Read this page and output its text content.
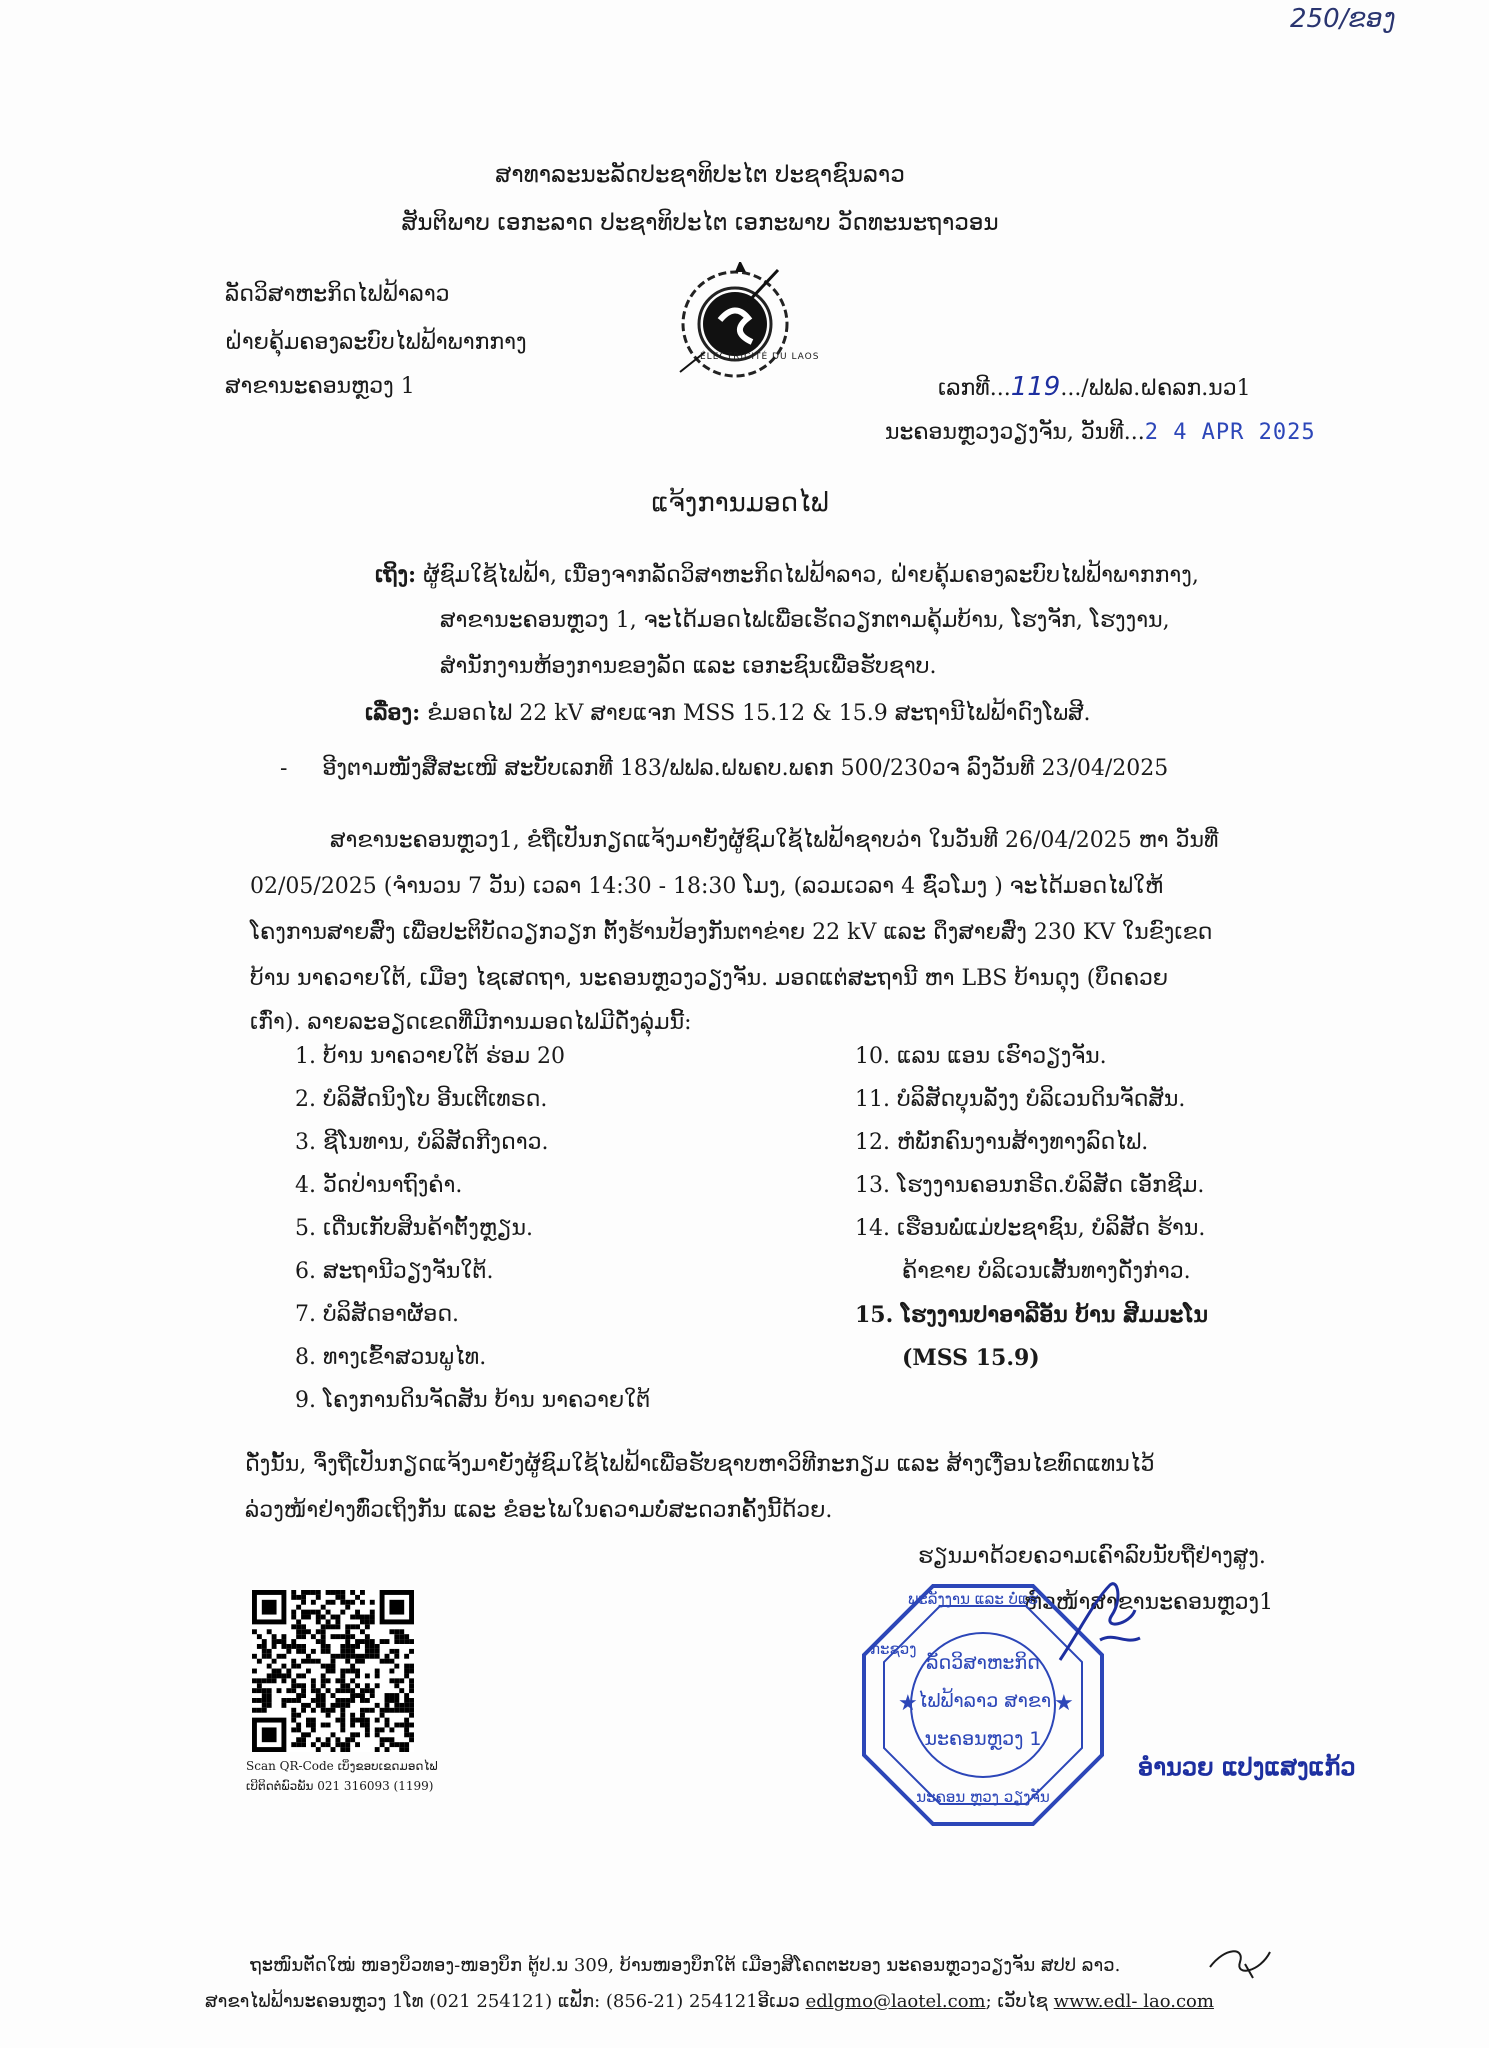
250/ຂອງ
ສາທາລະນະລັດປະຊາທິປະໄຕ ປະຊາຊົນລາວ
ສັນຕິພາບ ເອກະລາດ ປະຊາທິປະໄຕ ເອກະພາບ ວັດທະນະຖາວອນ
ລັດວິສາຫະກິດໄຟຟ້າລາວ
ຝ່າຍຄຸ້ມຄອງລະບົບໄຟຟ້າພາກກາງ
ສາຂານະຄອນຫຼວງ 1
ÉLECTRICITÉ DU LAOS
ເລກທີ...119.../ຟຟລ.ຝຄລກ.ນວ1
ນະຄອນຫຼວງວຽງຈັນ, ວັນທີ...2 4 APR 2025
ແຈ້ງການມອດໄຟ
ເຖິງ: ຜູ້ຊົມໃຊ້ໄຟຟ້າ, ເນື່ອງຈາກລັດວິສາຫະກິດໄຟຟ້າລາວ, ຝ່າຍຄຸ້ມຄອງລະບົບໄຟຟ້າພາກກາງ,
ສາຂານະຄອນຫຼວງ 1, ຈະໄດ້ມອດໄຟເພື່ອເຮັດວຽກຕາມຄຸ້ມບ້ານ, ໂຮງຈັກ, ໂຮງງານ,
ສໍານັກງານຫ້ອງການຂອງລັດ ແລະ ເອກະຊົນເພື່ອຮັບຊາບ.
ເລື່ອງ: ຂໍມອດໄຟ 22 kV ສາຍແຈກ MSS 15.12 & 15.9 ສະຖານີໄຟຟ້າດົງໂພສີ.
- ອີງຕາມໜັງສືສະເໜີ ສະບັບເລກທີ 183/ຟຟລ.ຝພຄບ.ພຄກ 500/230ວຈ ລົງວັນທີ 23/04/2025
ສາຂານະຄອນຫຼວງ1, ຂໍຖືເປັນກຽດແຈ້ງມາຍັງຜູ້ຊົມໃຊ້ໄຟຟ້າຊາບວ່າ ໃນວັນທີ 26/04/2025 ຫາ ວັນທີ່
02/05/2025 (ຈໍານວນ 7 ວັນ) ເວລາ 14:30 - 18:30 ໂມງ, (ລວມເວລາ 4 ຊົ່ວໂມງ ) ຈະໄດ້ມອດໄຟໃຫ້
ໂຄງການສາຍສົ່ງ ເພື່ອປະຕິບັດວຽກວຽກ ຕັ້ງຮ້ານປ້ອງກັນຕາຂ່າຍ 22 kV ແລະ ດຶງສາຍສົ່ງ 230 KV ໃນຂົງເຂດ
ບ້ານ ນາຄວາຍໃຕ້, ເມືອງ ໄຊເສດຖາ, ນະຄອນຫຼວງວຽງຈັນ. ມອດແຕ່ສະຖານີ ຫາ LBS ບ້ານດຸງ (ບຶດຄວຍ
ເກົ່າ). ລາຍລະອຽດເຂດທີ່ມີການມອດໄຟມີດັ່ງລຸ່ມນີ້:
1. ບ້ານ ນາຄວາຍໃຕ້ ຮ່ອມ 20
2. ບໍລິສັດນິງໂບ ອີນເຕີເທຣດ.
3. ຊີໂນທານ, ບໍລິສັດກີງດາວ.
4. ວັດປ່ານາຖົງຄໍາ.
5. ເດີ່ນເກັບສິນຄ້າຕັ້ງຫຼຽນ.
6. ສະຖານີວຽງຈັນໃຕ້.
7. ບໍລິສັດອາຜັອດ.
8. ທາງເຂົ້າສວນພູໄທ.
9. ໂຄງການດິນຈັດສັນ ບ້ານ ນາຄວາຍໃຕ້
10. ແລນ ແອນ ເຮົາວຽງຈັນ.
11. ບໍລິສັດບຸນລັງງ ບໍລິເວນດິນຈັດສັນ.
12. ຫໍພັກຄົນງານສ້າງທາງລົດໄຟ.
13. ໂຮງງານຄອນກຣີດ.ບໍລິສັດ ເອັກຊີມ.
14. ເຮືອນພໍ່ແມ່ປະຊາຊົນ, ບໍລິສັດ ຮ້ານ.
ຄ້າຂາຍ ບໍລິເວນເສັ້ນທາງດັ່ງກ່າວ.
15. ໂຮງງານປາອາລີອັນ ບ້ານ ສີມມະໂນ
(MSS 15.9)
ດັ່ງນັ້ນ, ຈຶ່ງຖືເປັນກຽດແຈ້ງມາຍັງຜູ້ຊົມໃຊ້ໄຟຟ້າເພື່ອຮັບຊາບຫາວິທີກະກຽມ ແລະ ສ້າງເງື່ອນໄຂທົດແທນໄວ້
ລ່ວງໜ້າຢ່າງທົ່ວເຖິງກັນ ແລະ ຂໍອະໄພໃນຄວາມບໍ່ສະດວກຄັ້ງນີ້ດ້ວຍ.
ຮຽນມາດ້ວຍຄວາມເຄົາລົບນັບຖືຢ່າງສູງ.
ຫົວໜ້າສາຂານະຄອນຫຼວງ1
★	★
ພະລັງງານ ແລະ ບໍ່ແຮ່
ກະຊວງ
ລັດວິສາຫະກິດ
ໄຟຟ້າລາວ ສາຂາ
ນະຄອນຫຼວງ 1
ນະຄອນ ຫຼວງ ວຽງຈັນ
ອໍານວຍ ແປງແສງແກ້ວ
Scan QR-Code ເບິ່ງຂອບເຂດມອດໄຟ
ເບີຕິດຕໍ່ພົວພັນ 021 316093 (1199)
ຖະໜົນຕັດໃໝ່ ໜອງບຶວທອງ-ໜອງບຶກ ຕູ້ປ.ນ 309, ບ້ານໜອງບຶກໃຕ້ ເມືອງສີໂຄດຕະບອງ ນະຄອນຫຼວງວຽງຈັນ ສປປ ລາວ.
ສາຂາໄຟຟ້ານະຄອນຫຼວງ 1ໂທ (021 254121) ແຟັກ: (856-21) 254121ອີເມວ edlgmo@laotel.com; ເວັບໄຊ www.edl- lao.com
